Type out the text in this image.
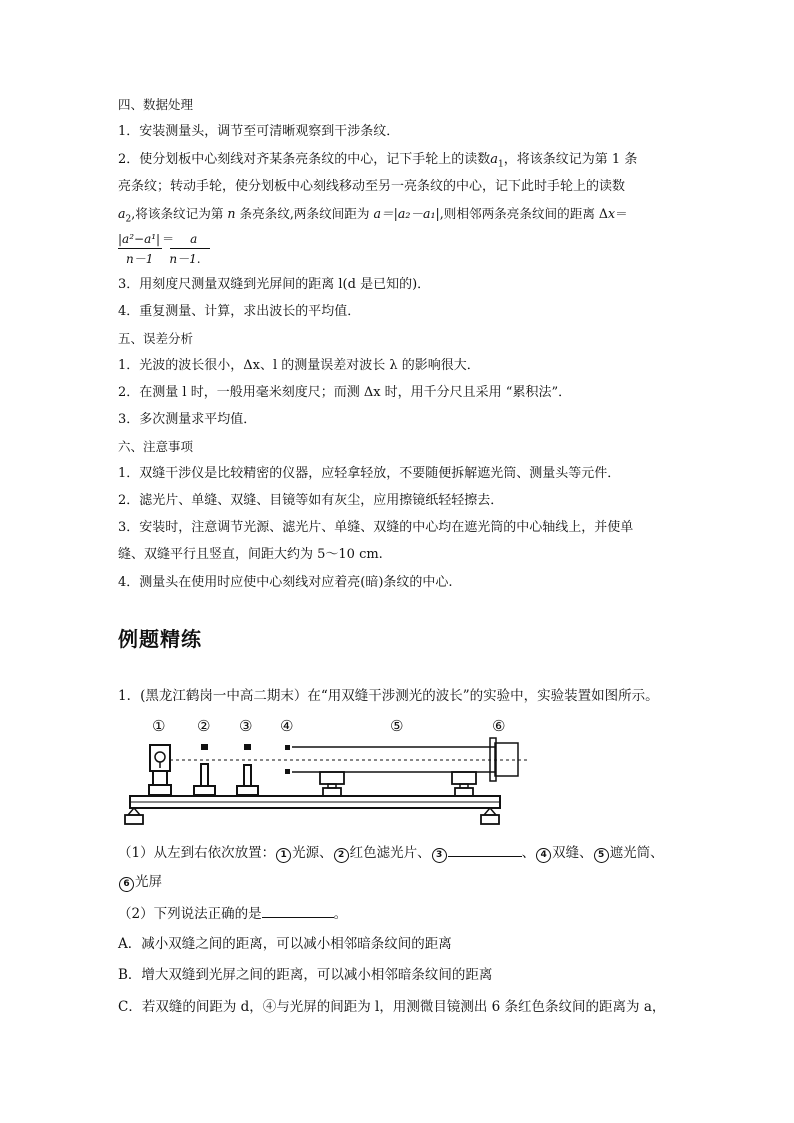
四、数据处理
1．安装测量头，调节至可清晰观察到干涉条纹．
2．使分划板中心刻线对齐某条亮条纹的中心，记下手轮上的读数$a_1$，将该条纹记为第 1 条
亮条纹；转动手轮，使分划板中心刻线移动至另一亮条纹的中心，记下此时手轮上的读数
$a_2$,将该条纹记为第 n 条亮条纹,两条纹间距为 a＝|a₂－a₁|,则相邻两条亮条纹间的距离 Δx＝
|a²−a¹| ＝ a
n－1 n－1.
3．用刻度尺测量双缝到光屏间的距离 l(d 是已知的)．
4．重复测量、计算，求出波长的平均值．
五、误差分析
1．光波的波长很小，Δx、l 的测量误差对波长 λ 的影响很大．
2．在测量 l 时，一般用毫米刻度尺；而测 Δx 时，用千分尺且采用 “累积法”．
3．多次测量求平均值．
六、注意事项
1．双缝干涉仪是比较精密的仪器，应轻拿轻放，不要随便拆解遮光筒、测量头等元件．
2．滤光片、单缝、双缝、目镜等如有灰尘，应用擦镜纸轻轻擦去．
3．安装时，注意调节光源、滤光片、单缝、双缝的中心均在遮光筒的中心轴线上，并使单
缝、双缝平行且竖直，间距大约为 5～10 cm.
4．测量头在使用时应使中心刻线对应着亮(暗)条纹的中心.
例题精练
1．(黑龙江鹤岗一中高二期末）在“用双缝干涉测光的波长”的实验中，实验装置如图所示。
① ② ③ ④	⑤	⑥
（1）从左到右依次放置： 1 光源、 2 红色滤光片、 3	、 4 双缝、 5 遮光筒、
6 光屏
（2）下列说法正确的是	。
A．减小双缝之间的距离，可以减小相邻暗条纹间的距离
B．增大双缝到光屏之间的距离，可以减小相邻暗条纹间的距离
C．若双缝的间距为 d，④与光屏的间距为 l，用测微目镜测出 6 条红色条纹间的距离为 a，
